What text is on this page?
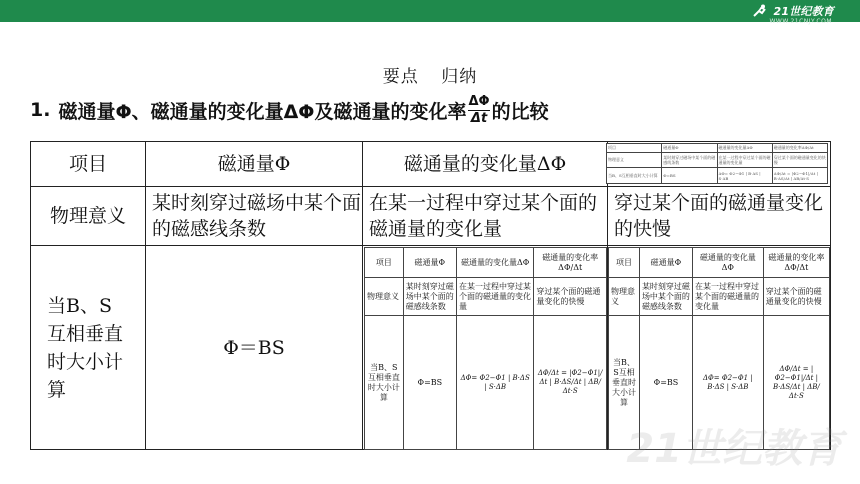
21世纪教育
WWW.21CNJY.COM
要点 归纳
1. 磁通量Φ、磁通量的变化量ΔΦ及磁通量的变化率 $\frac{\Delta\Phi}{\Delta t}$ 的比较
项目	磁通量Φ	磁通量的变化量ΔΦ	
物理意义	某时刻穿过磁场中某个面的磁感线条数	在某一过程中穿过某个面的磁通量的变化量	穿过某个面的磁通量变化的快慢

当B、S互相垂直时大小计算	Φ＝BS		
项目	磁通量Φ	磁通量的变化量ΔΦ	磁通量的变化率ΔΦ/Δt
物理意义	某时刻穿过磁场中某个面的磁感线条数	在某一过程中穿过某个面的磁通量的变化量	穿过某个面的磁通量变化的快慢
当B、S互相垂直时大小计算	Φ=BS	ΔΦ= Φ2−Φ1 | B·ΔS | S·ΔB	ΔΦ/Δt = |Φ2−Φ1|/Δt | B·ΔS/Δt | ΔB/Δt·S
项目	磁通量Φ	磁通量的变化量ΔΦ	磁通量的变化率ΔΦ/Δt
物理意义	某时刻穿过磁场中某个面的磁感线条数	在某一过程中穿过某个面的磁通量的变化量	穿过某个面的磁通量变化的快慢
当B、S互相垂直时大小计算	Φ=BS	ΔΦ= Φ2−Φ1 | B·ΔS | S·ΔB	ΔΦ/Δt = |Φ2−Φ1|/Δt | B·ΔS/Δt | ΔB/Δt·S
项目	磁通量Φ	磁通量的变化量ΔΦ	磁通量的变化率ΔΦ/Δt
物理意义	某时刻穿过磁场中某个面的磁感线条数	在某一过程中穿过某个面的磁通量的变化量	穿过某个面的磁通量变化的快慢
当B、S互相垂直时大小计算	Φ=BS	ΔΦ= Φ2−Φ1 | B·ΔS | S·ΔB	ΔΦ/Δt = |Φ2−Φ1|/Δt | B·ΔS/Δt | ΔB/Δt·S
